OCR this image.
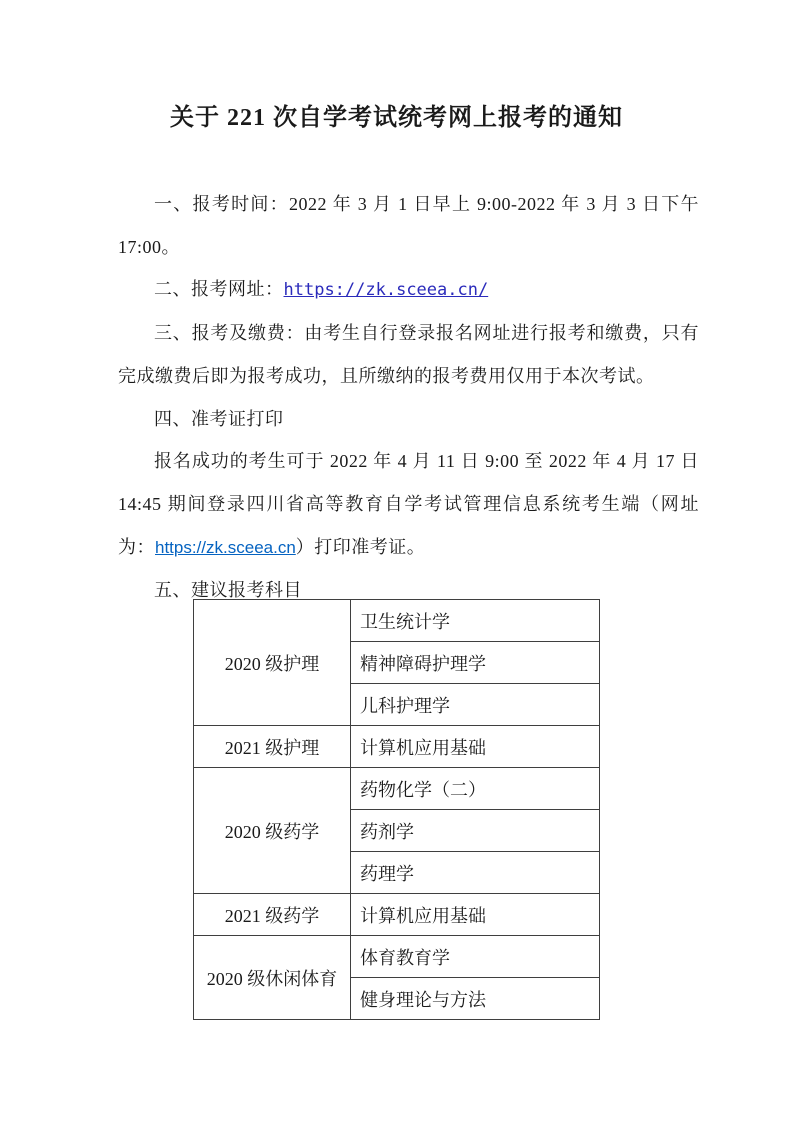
关于 221 次自学考试统考网上报考的通知

一、报考时间：2022 年 3 月 1 日早上 9:00-2022 年 3 月 3 日下午 17:00。

二、报考网址：https://zk.sceea.cn/

三、报考及缴费：由考生自行登录报名网址进行报考和缴费，只有完成缴费后即为报考成功，且所缴纳的报考费用仅用于本次考试。

四、准考证打印

报名成功的考生可于 2022 年 4 月 11 日 9:00 至 2022 年 4 月 17 日 14:45 期间登录四川省高等教育自学考试管理信息系统考生端（网址为：https://zk.sceea.cn）打印准考证。

五、建议报考科目

2020 级护理	卫生统计学
	精神障碍护理学
	儿科护理学
2021 级护理	计算机应用基础
2020 级药学	药物化学（二）
	药剂学
	药理学
2021 级药学	计算机应用基础
2020 级休闲体育	体育教育学
	健身理论与方法
